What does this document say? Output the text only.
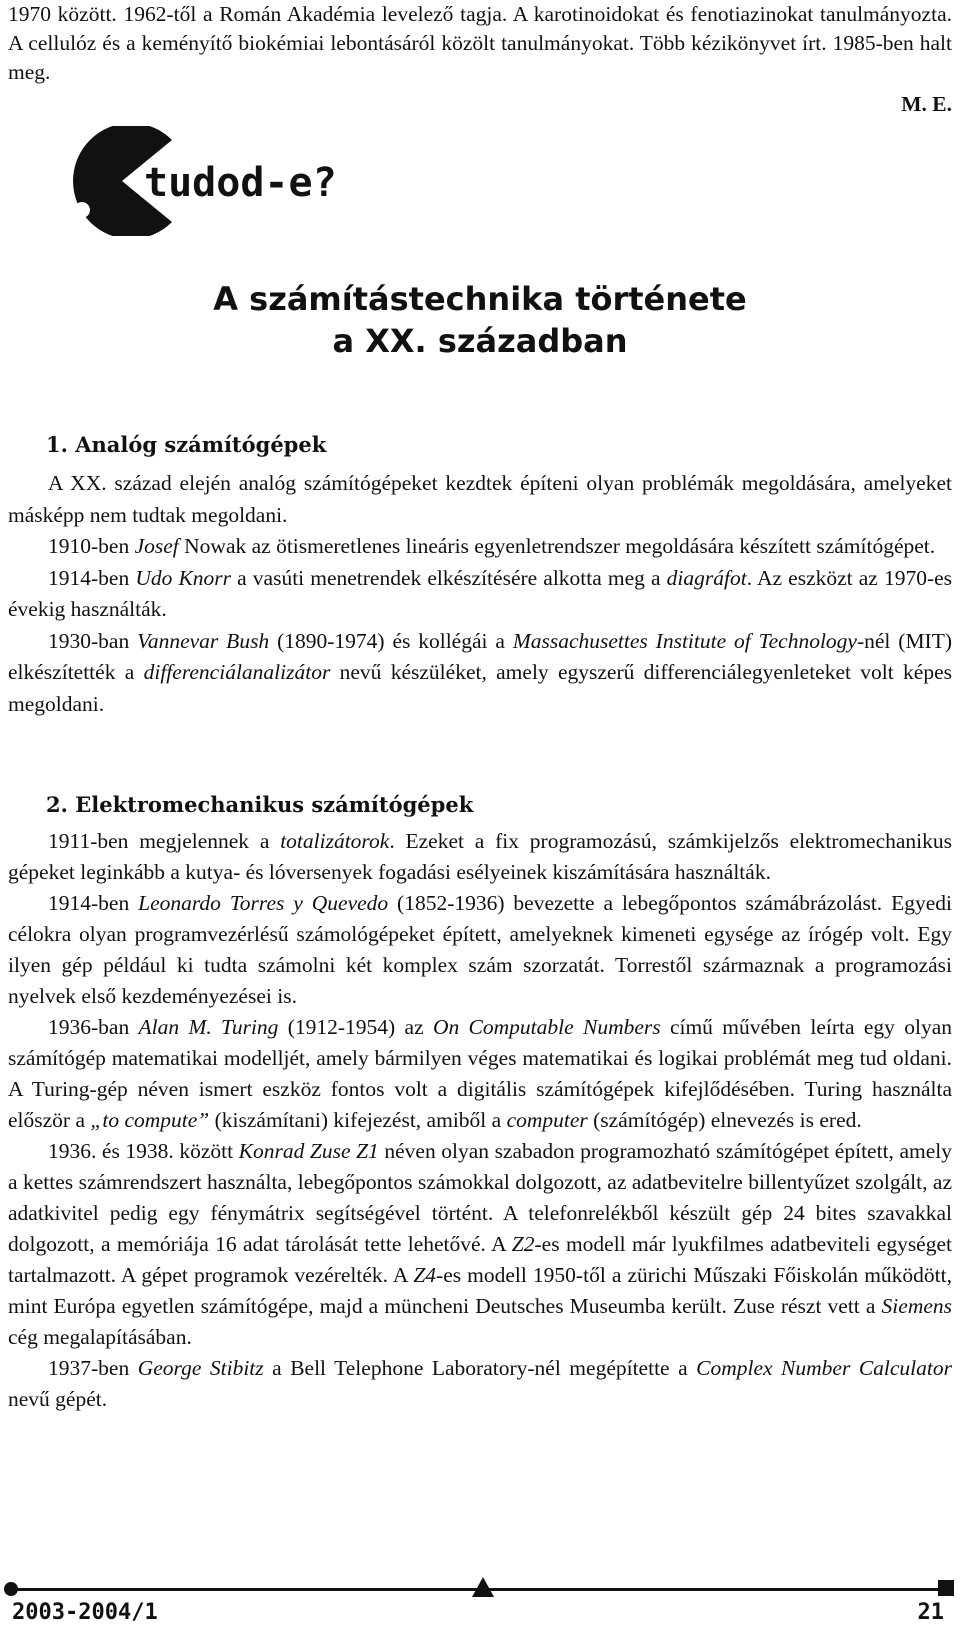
1970 között. 1962-től a Román Akadémia levelező tagja. A karotinoidokat és fenotiazinokat tanulmányozta. A cellulóz és a keményítő biokémiai lebontásáról közölt tanulmányokat. Több kézikönyvet írt. 1985-ben halt meg.

M. E.
tudod-e?
A számítástechnika története
a XX. században
1. Analóg számítógépek

A XX. század elején analóg számítógépeket kezdtek építeni olyan problémák megoldására, amelyeket másképp nem tudtak megoldani.

1910-ben Josef Nowak az ötismeretlenes lineáris egyenletrendszer megoldására készített számítógépet.

1914-ben Udo Knorr a vasúti menetrendek elkészítésére alkotta meg a diagráfot. Az eszközt az 1970-es évekig használták.

1930-ban Vannevar Bush (1890-1974) és kollégái a Massachusettes Institute of Technology-nél (MIT) elkészítették a differenciálanalizátor nevű készüléket, amely egyszerű differenciálegyenleteket volt képes megoldani.

2. Elektromechanikus számítógépek

1911-ben megjelennek a totalizátorok. Ezeket a fix programozású, számkijelzős elektromechanikus gépeket leginkább a kutya- és lóversenyek fogadási esélyeinek kiszámítására használták.

1914-ben Leonardo Torres y Quevedo (1852-1936) bevezette a lebegőpontos számábrázolást. Egyedi célokra olyan programvezérlésű számológépeket épített, amelyeknek kimeneti egysége az írógép volt. Egy ilyen gép például ki tudta számolni két komplex szám szorzatát. Torrestől származnak a programozási nyelvek első kezdeményezései is.

1936-ban Alan M. Turing (1912-1954) az On Computable Numbers című művében leírta egy olyan számítógép matematikai modelljét, amely bármilyen véges matematikai és logikai problémát meg tud oldani. A Turing-gép néven ismert eszköz fontos volt a digitális számítógépek kifejlődésében. Turing használta először a „to compute” (kiszámítani) kifejezést, amiből a computer (számítógép) elnevezés is ered.

1936. és 1938. között Konrad Zuse Z1 néven olyan szabadon programozható számítógépet épített, amely a kettes számrendszert használta, lebegőpontos számokkal dolgozott, az adatbevitelre billentyűzet szolgált, az adatkivitel pedig egy fénymátrix segítségével történt. A telefonrelékből készült gép 24 bites szavakkal dolgozott, a memóriája 16 adat tárolását tette lehetővé. A Z2-es modell már lyukfilmes adatbeviteli egységet tartalmazott. A gépet programok vezérelték. A Z4-es modell 1950-től a zürichi Műszaki Főiskolán működött, mint Európa egyetlen számítógépe, majd a müncheni Deutsches Museumba került. Zuse részt vett a Siemens cég megalapításában.

1937-ben George Stibitz a Bell Telephone Laboratory-nél megépítette a Complex Number Calculator nevű gépét.

2003-2004/1	21
